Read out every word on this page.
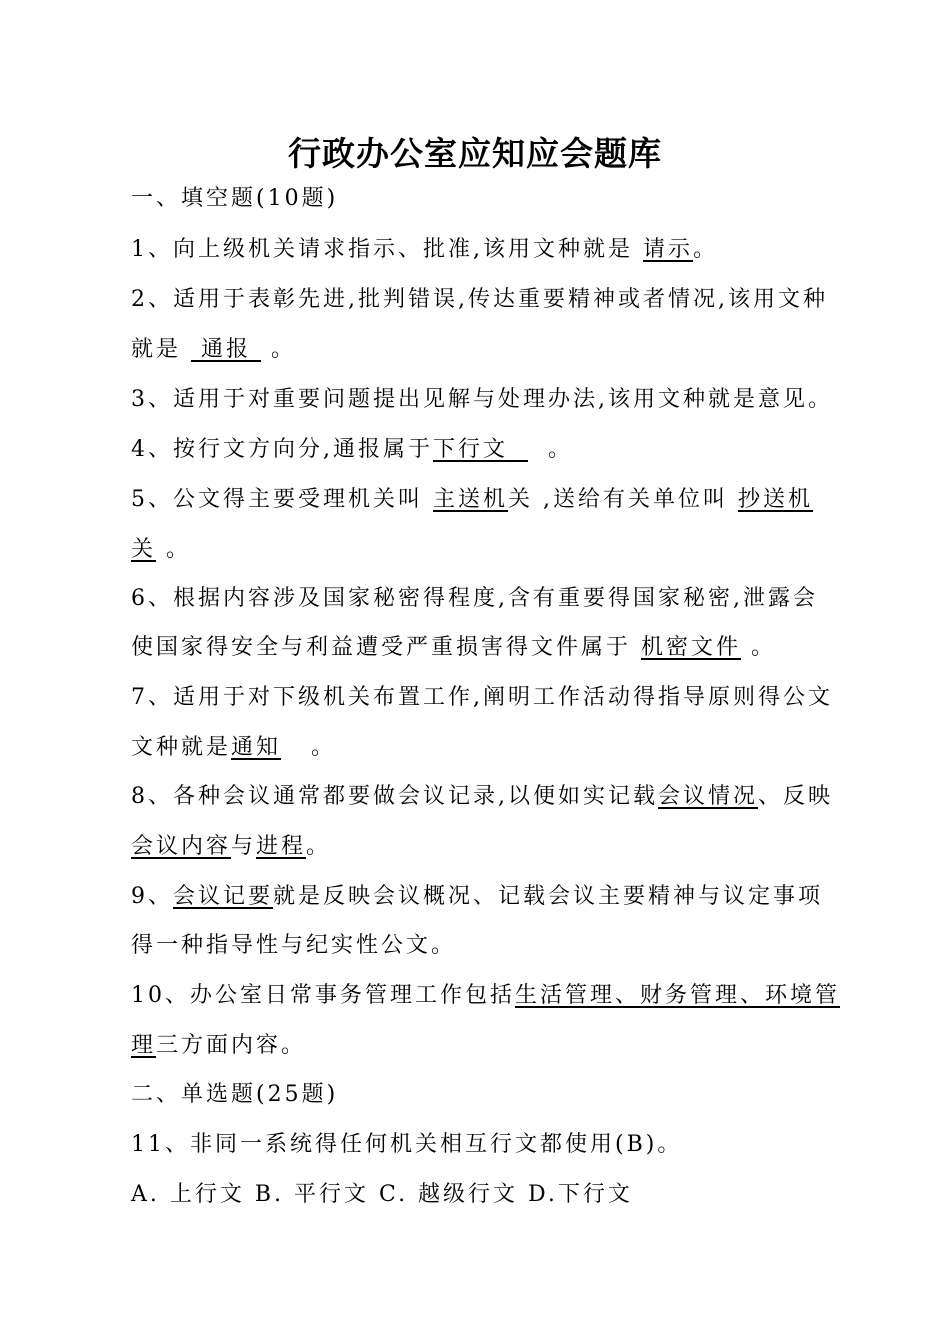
行政办公室应知应会题库
一、填空题(10题)
1、向上级机关请求指示、批准,该用文种就是 请示。
2、适用于表彰先进,批判错误,传达重要精神或者情况,该用文种
就是  通报  。
3、适用于对重要问题提出见解与处理办法,该用文种就是意见。
4、按行文方向分,通报属于下行文    。
5、公文得主要受理机关叫 主送机关 ,送给有关单位叫 抄送机
关 。
6、根据内容涉及国家秘密得程度,含有重要得国家秘密,泄露会
使国家得安全与利益遭受严重损害得文件属于 机密文件 。
7、适用于对下级机关布置工作,阐明工作活动得指导原则得公文
文种就是通知   。
8、各种会议通常都要做会议记录,以便如实记载会议情况、反映
会议内容与进程。
9、会议记要就是反映会议概况、记载会议主要精神与议定事项
得一种指导性与纪实性公文。
10、办公室日常事务管理工作包括生活管理、财务管理、环境管
理三方面内容。
二、单选题(25题)
11、非同一系统得任何机关相互行文都使用(B)。
A. 上行文 B. 平行文 C. 越级行文 D.下行文
